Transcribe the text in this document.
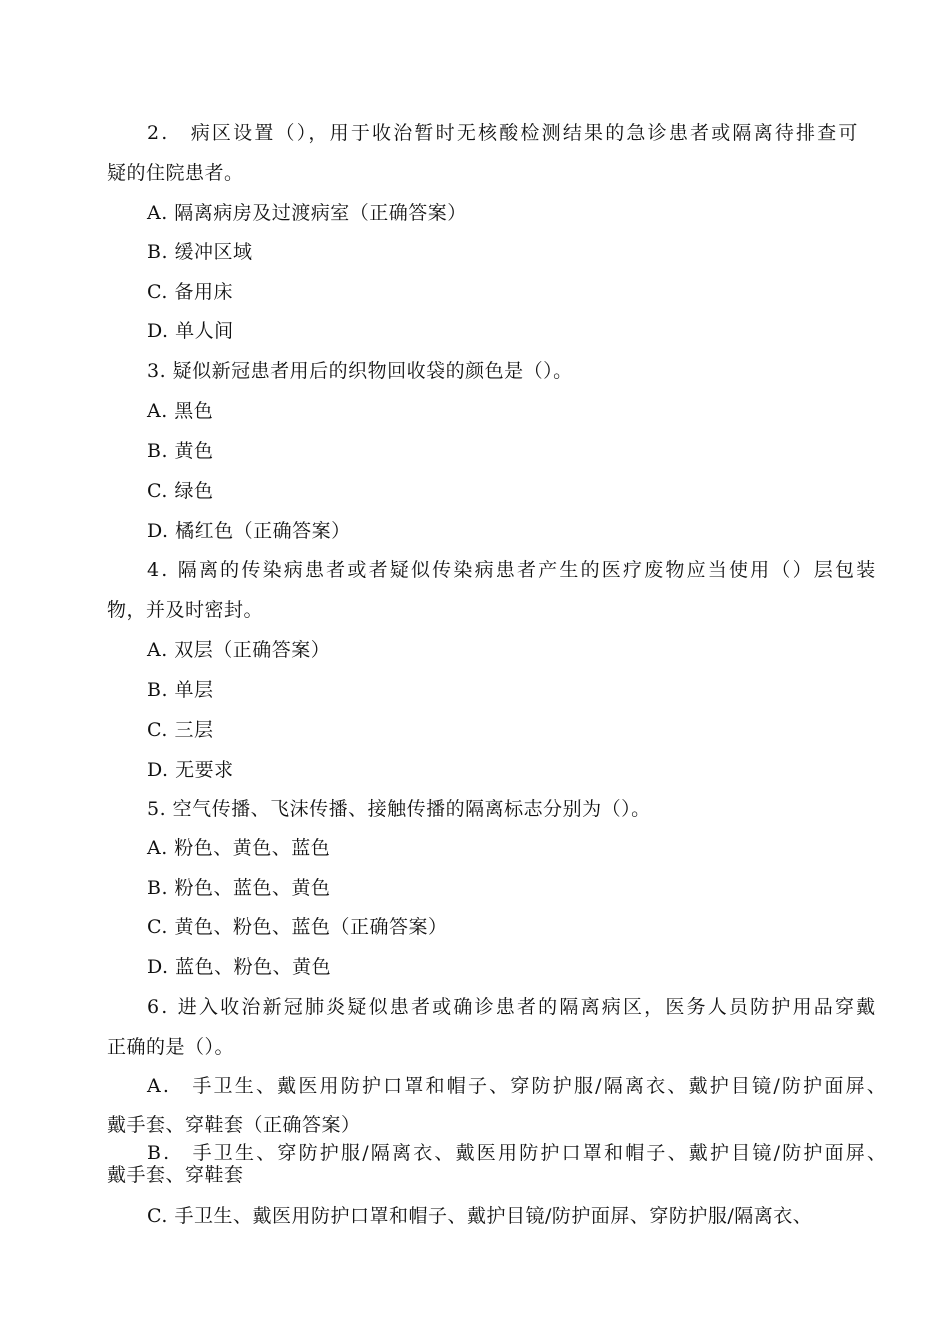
2.　病区设置（），用于收治暂时无核酸检测结果的急诊患者或隔离待排查可
疑的住院患者。
A. 隔离病房及过渡病室（正确答案）
B. 缓冲区域
C. 备用床
D. 单人间
3. 疑似新冠患者用后的织物回收袋的颜色是（）。
A. 黑色
B. 黄色
C. 绿色
D. 橘红色（正确答案）
4. 隔离的传染病患者或者疑似传染病患者产生的医疗废物应当使用（）层包装
物，并及时密封。
A. 双层（正确答案）
B. 单层
C. 三层
D. 无要求
5. 空气传播、飞沫传播、接触传播的隔离标志分别为（）。
A. 粉色、黄色、蓝色
B. 粉色、蓝色、黄色
C. 黄色、粉色、蓝色（正确答案）
D. 蓝色、粉色、黄色
6. 进入收治新冠肺炎疑似患者或确诊患者的隔离病区，医务人员防护用品穿戴
正确的是（）。
A.　手卫生、戴医用防护口罩和帽子、穿防护服/隔离衣、戴护目镜/防护面屏、
戴手套、穿鞋套（正确答案）
B.　手卫生、穿防护服/隔离衣、戴医用防护口罩和帽子、戴护目镜/防护面屏、
戴手套、穿鞋套
C. 手卫生、戴医用防护口罩和帽子、戴护目镜/防护面屏、穿防护服/隔离衣、
